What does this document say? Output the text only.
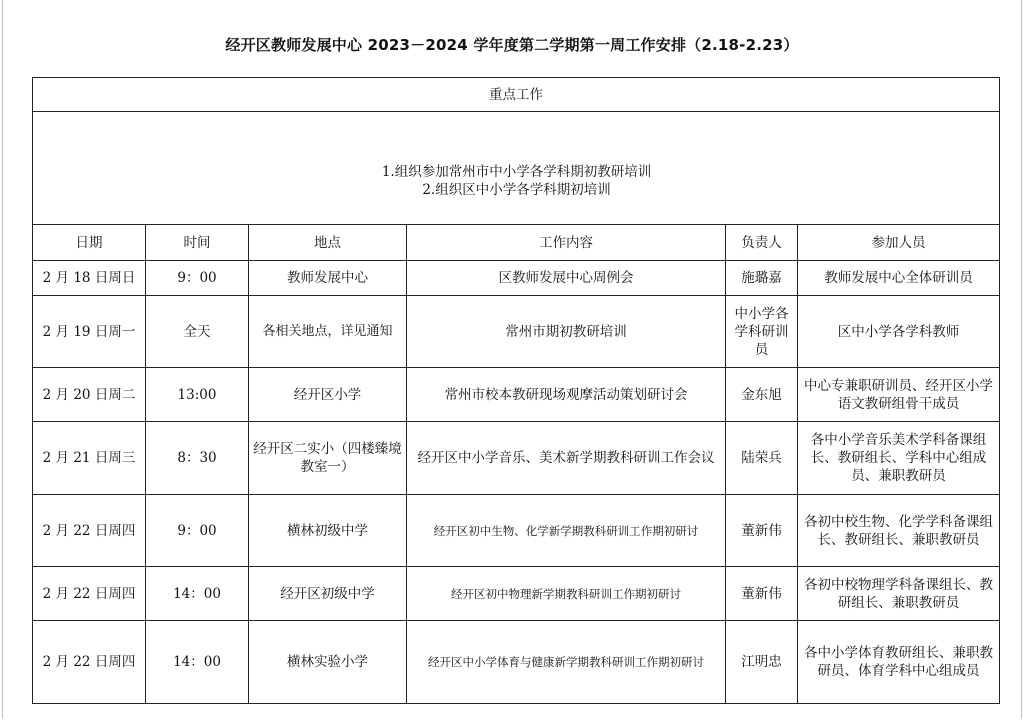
经开区教师发展中心 2023－2024 学年度第二学期第一周工作安排（2.18-2.23）
重点工作					

1.组织参加常州市中小学各学科期初教研培训
2.组织区中小学各学科期初培训					

日期	时间	地点	工作内容	负责人	参加人员
2 月 18 日周日	9：00	教师发展中心	区教师发展中心周例会	施璐嘉	教师发展中心全体研训员
2 月 19 日周一	全天	各相关地点，详见通知	常州市期初教研培训	中小学各学科研训员	区中小学各学科教师
2 月 20 日周二	13:00	经开区小学	常州市校本教研现场观摩活动策划研讨会	金东旭	中心专兼职研训员、经开区小学语文教研组骨干成员
2 月 21 日周三	8：30	经开区二实小（四楼臻境教室一）	经开区中小学音乐、美术新学期教科研训工作会议	陆荣兵	各中小学音乐美术学科备课组长、教研组长、学科中心组成员、兼职教研员
2 月 22 日周四	9：00	横林初级中学	经开区初中生物、化学新学期教科研训工作期初研讨	董新伟	各初中校生物、化学学科备课组长、教研组长、兼职教研员
2 月 22 日周四	14：00	经开区初级中学	经开区初中物理新学期教科研训工作期初研讨	董新伟	各初中校物理学科备课组长、教研组长、兼职教研员
2 月 22 日周四	14：00	横林实验小学	经开区中小学体育与健康新学期教科研训工作期初研讨	江明忠	各中小学体育教研组长、兼职教研员、体育学科中心组成员
